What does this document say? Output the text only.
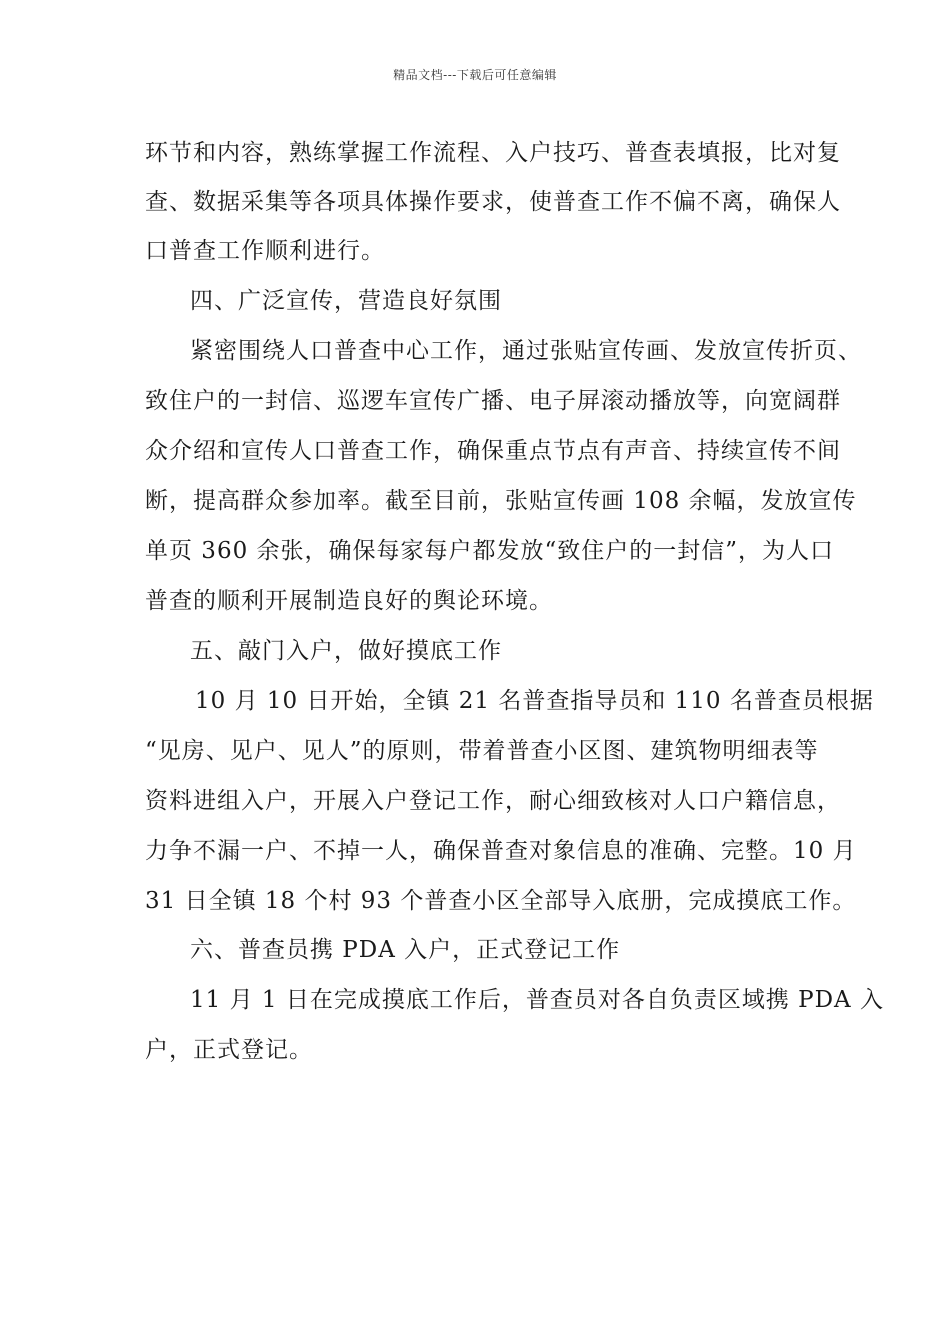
精品文档---下载后可任意编辑
环节和内容，熟练掌握工作流程、入户技巧、普查表填报，比对复
查、数据采集等各项具体操作要求，使普查工作不偏不离，确保人
口普查工作顺利进行。
四、广泛宣传，营造良好氛围
紧密围绕人口普查中心工作，通过张贴宣传画、发放宣传折页、
致住户的一封信、巡逻车宣传广播、电子屏滚动播放等，向宽阔群
众介绍和宣传人口普查工作，确保重点节点有声音、持续宣传不间
断，提高群众参加率。截至目前，张贴宣传画 108 余幅，发放宣传
单页 360 余张，确保每家每户都发放“致住户的一封信”，为人口
普查的顺利开展制造良好的舆论环境。
五、敲门入户，做好摸底工作
10 月 10 日开始，全镇 21 名普查指导员和 110 名普查员根据
“见房、见户、见人”的原则，带着普查小区图、建筑物明细表等
资料进组入户，开展入户登记工作，耐心细致核对人口户籍信息，
力争不漏一户、不掉一人，确保普查对象信息的准确、完整。10 月
31 日全镇 18 个村 93 个普查小区全部导入底册，完成摸底工作。
六、普查员携 PDA 入户，正式登记工作
11 月 1 日在完成摸底工作后，普查员对各自负责区域携 PDA 入
户，正式登记。
